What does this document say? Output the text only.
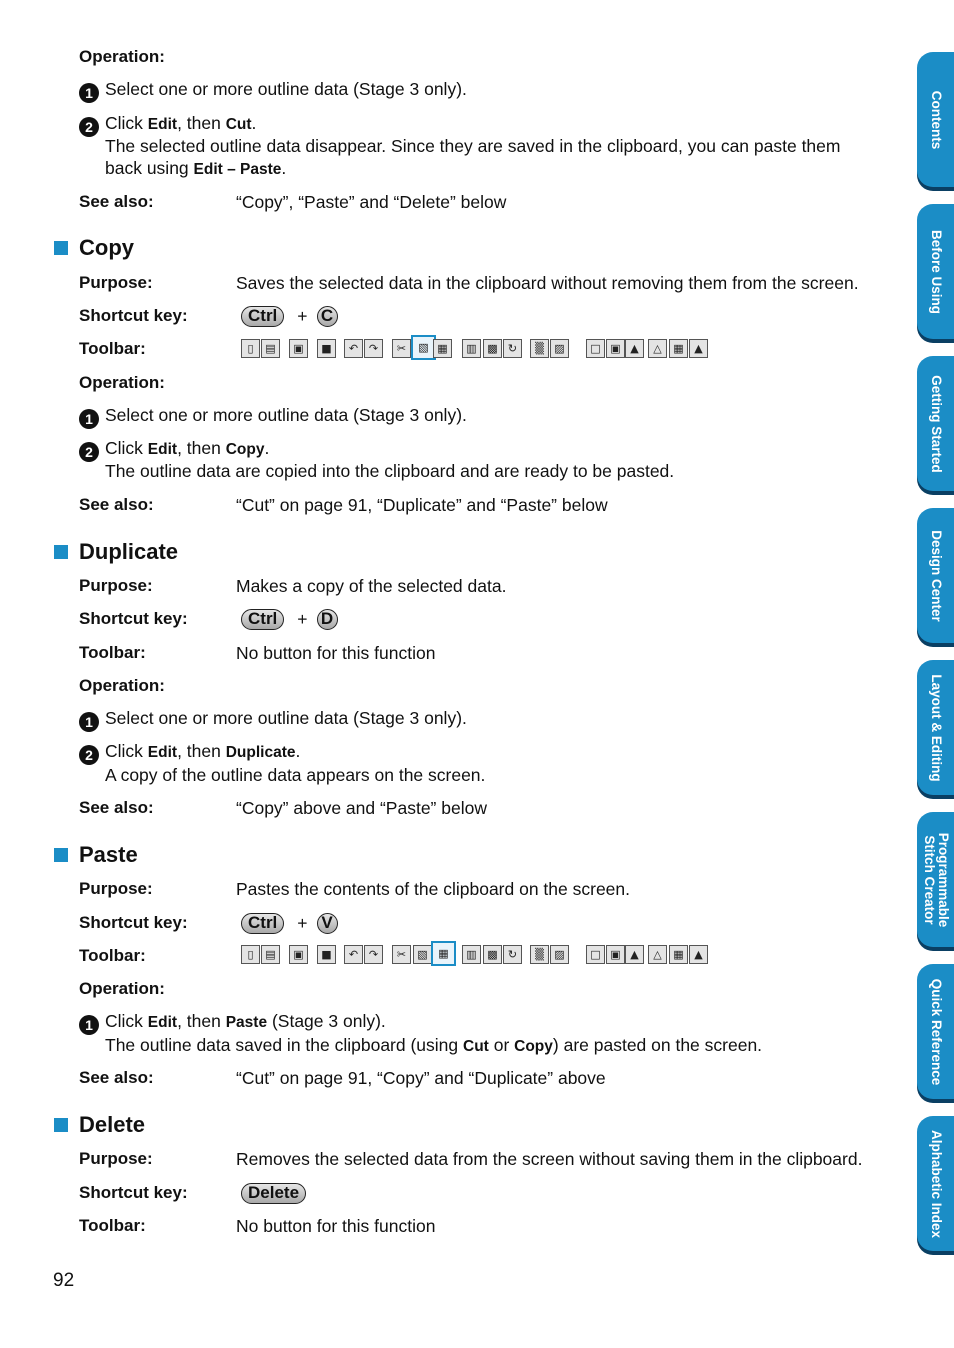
Operation:
1 Select one or more outline data (Stage 3 only).
2 Click Edit, then Cut.
The selected outline data disappear. Since they are saved in the clipboard, you can paste them
back using Edit – Paste.
See also:	“Copy”, “Paste” and “Delete” below
Copy
Purpose:	Saves the selected data in the clipboard without removing them from the screen.
Shortcut key:	Ctrl + C
Toolbar:	▯	▤	▣	■	↶ ↷	✂	▧ ▦	▥ ▩ ↻	▒ ▨	□ ▣ ▲	△	▦ ▲
Operation:
1 Select one or more outline data (Stage 3 only).
2 Click Edit, then Copy.
The outline data are copied into the clipboard and are ready to be pasted.
See also:	“Cut” on page 91, “Duplicate” and “Paste” below
Duplicate
Purpose:	Makes a copy of the selected data.
Shortcut key:	Ctrl + D
Toolbar:	No button for this function
Operation:
1 Select one or more outline data (Stage 3 only).
2 Click Edit, then Duplicate.
A copy of the outline data appears on the screen.
See also:	“Copy” above and “Paste” below
Paste
Purpose:	Pastes the contents of the clipboard on the screen.
Shortcut key:	Ctrl + V
Toolbar:	▯	▤	▣	■	↶ ↷	✂	▧ ▦	▥ ▩ ↻	▒ ▨	□ ▣ ▲	△	▦ ▲
Operation:
1 Click Edit, then Paste (Stage 3 only).
The outline data saved in the clipboard (using Cut or Copy) are pasted on the screen.
See also:	“Cut” on page 91, “Copy” and “Duplicate” above
Delete
Purpose:	Removes the selected data from the screen without saving them in the clipboard.
Shortcut key:	Delete
Toolbar:	No button for this function
92
Contents
Before Using
Getting Started
Design Center
Layout & Editing
Programmable Stitch Creator
Quick Reference
Alphabetic Index
